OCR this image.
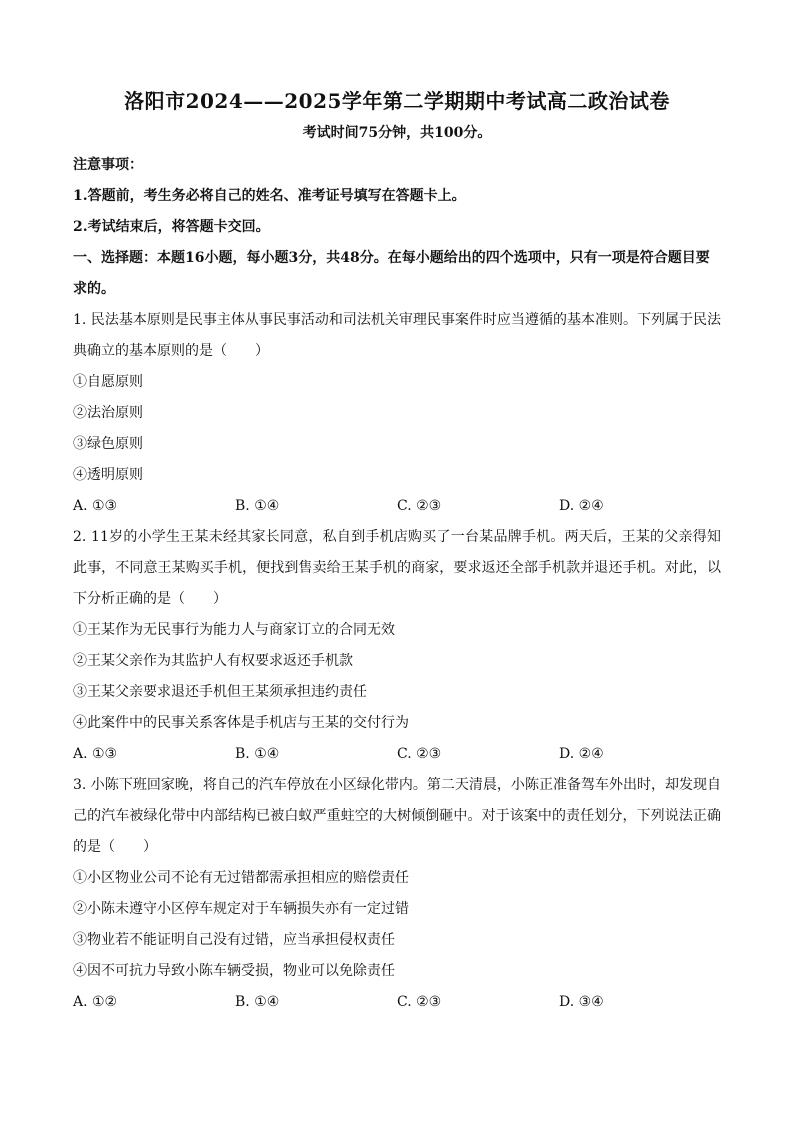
洛阳市2024——2025学年第二学期期中考试高二政治试卷
考试时间75分钟，共100分。
注意事项：
1.答题前，考生务必将自己的姓名、准考证号填写在答题卡上。
2.考试结束后，将答题卡交回。
一、选择题：本题16小题，每小题3分，共48分。在每小题给出的四个选项中，只有一项是符合题目要求的。
1. 民法基本原则是民事主体从事民事活动和司法机关审理民事案件时应当遵循的基本准则。下列属于民法典确立的基本原则的是（　　）
①自愿原则
②法治原则
③绿色原则
④透明原则
A. ①③	B. ①④	C. ②③	D. ②④
2. 11岁的小学生王某未经其家长同意，私自到手机店购买了一台某品牌手机。两天后，王某的父亲得知此事，不同意王某购买手机，便找到售卖给王某手机的商家，要求返还全部手机款并退还手机。对此，以下分析正确的是（　　）
①王某作为无民事行为能力人与商家订立的合同无效
②王某父亲作为其监护人有权要求返还手机款
③王某父亲要求退还手机但王某须承担违约责任
④此案件中的民事关系客体是手机店与王某的交付行为
A. ①③	B. ①④	C. ②③	D. ②④
3. 小陈下班回家晚，将自己的汽车停放在小区绿化带内。第二天清晨，小陈正准备驾车外出时，却发现自己的汽车被绿化带中内部结构已被白蚁严重蛀空的大树倾倒砸中。对于该案中的责任划分，下列说法正确的是（　　）
①小区物业公司不论有无过错都需承担相应的赔偿责任
②小陈未遵守小区停车规定对于车辆损失亦有一定过错
③物业若不能证明自己没有过错，应当承担侵权责任
④因不可抗力导致小陈车辆受损，物业可以免除责任
A. ①②	B. ①④	C. ②③	D. ③④
